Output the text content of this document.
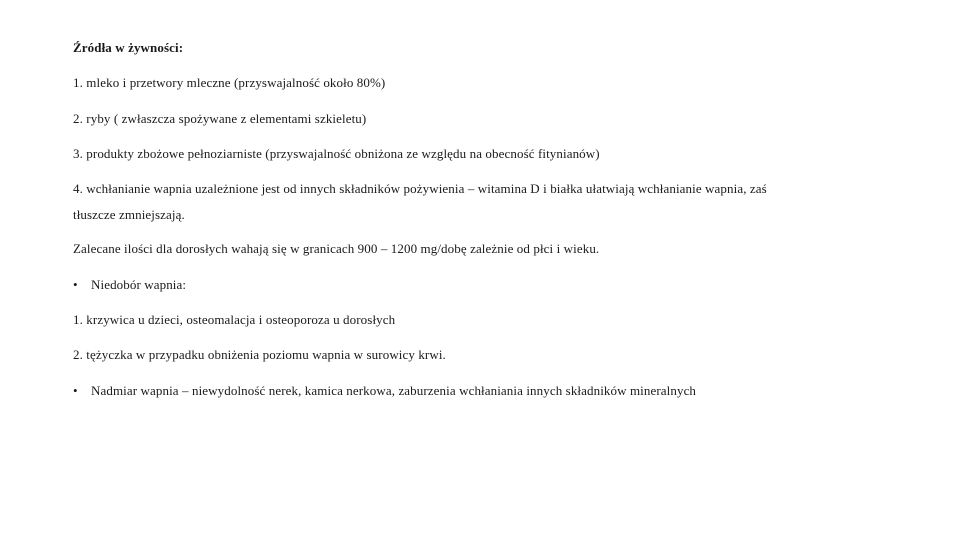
Źródła w żywności:
1. mleko i przetwory mleczne (przyswajalność około 80%)
2. ryby ( zwłaszcza spożywane z elementami szkieletu)
3. produkty zbożowe pełnoziarniste (przyswajalność obniżona ze względu na obecność fitynianów)
4. wchłanianie wapnia uzależnione jest od innych składników pożywienia – witamina D i białka ułatwiają wchłanianie wapnia, zaś
tłuszcze zmniejszają.
Zalecane ilości dla dorosłych wahają się w granicach 900 – 1200 mg/dobę zależnie od płci i wieku.
• Niedobór wapnia:
1. krzywica u dzieci, osteomalacja i osteoporoza u dorosłych
2. tężyczka w przypadku obniżenia poziomu wapnia w surowicy krwi.
• Nadmiar wapnia – niewydolność nerek, kamica nerkowa, zaburzenia wchłaniania innych składników mineralnych
